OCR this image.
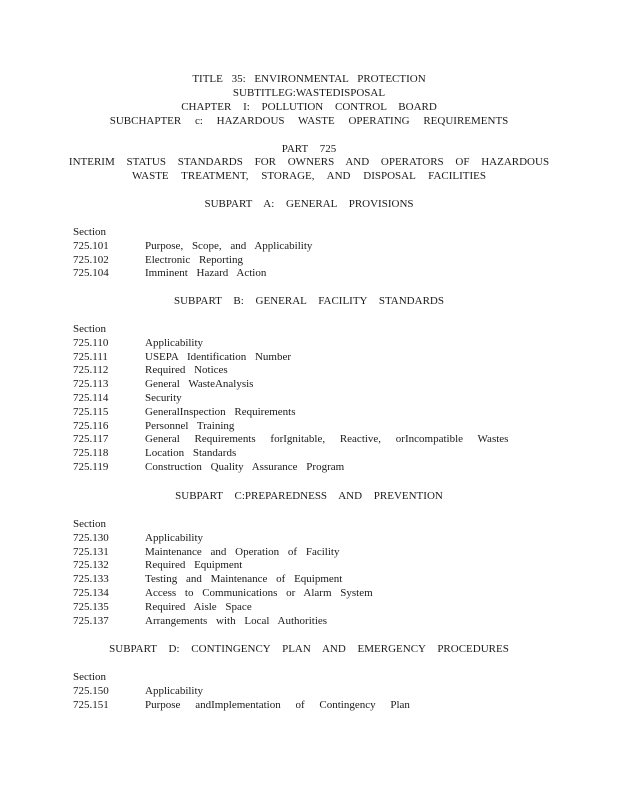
TITLE 35: ENVIRONMENTAL PROTECTION
SUBTITLEG:WASTEDISPOSAL
CHAPTER I: POLLUTION CONTROL BOARD
SUBCHAPTER c: HAZARDOUS WASTE OPERATING REQUIREMENTS
PART 725
INTERIM STATUS STANDARDS FOR OWNERS AND OPERATORS OF HAZARDOUS
WASTE TREATMENT, STORAGE, AND DISPOSAL FACILITIES
SUBPART A: GENERAL PROVISIONS
Section
725.101	Purpose, Scope, and Applicability
725.102	Electronic Reporting
725.104	Imminent Hazard Action
SUBPART B: GENERAL FACILITY STANDARDS
Section
725.110	Applicability
725.111	USEPA Identification Number
725.112	Required Notices
725.113	General WasteAnalysis
725.114	Security
725.115	GeneralInspection Requirements
725.116	Personnel Training
725.117	General Requirements forIgnitable, Reactive, orIncompatible Wastes
725.118	Location Standards
725.119	Construction Quality Assurance Program
SUBPART C:PREPAREDNESS AND PREVENTION
Section
725.130	Applicability
725.131	Maintenance and Operation of Facility
725.132	Required Equipment
725.133	Testing and Maintenance of Equipment
725.134	Access to Communications or Alarm System
725.135	Required Aisle Space
725.137	Arrangements with Local Authorities
SUBPART D: CONTINGENCY PLAN AND EMERGENCY PROCEDURES
Section
725.150	Applicability
725.151	Purpose andImplementation of Contingency Plan
